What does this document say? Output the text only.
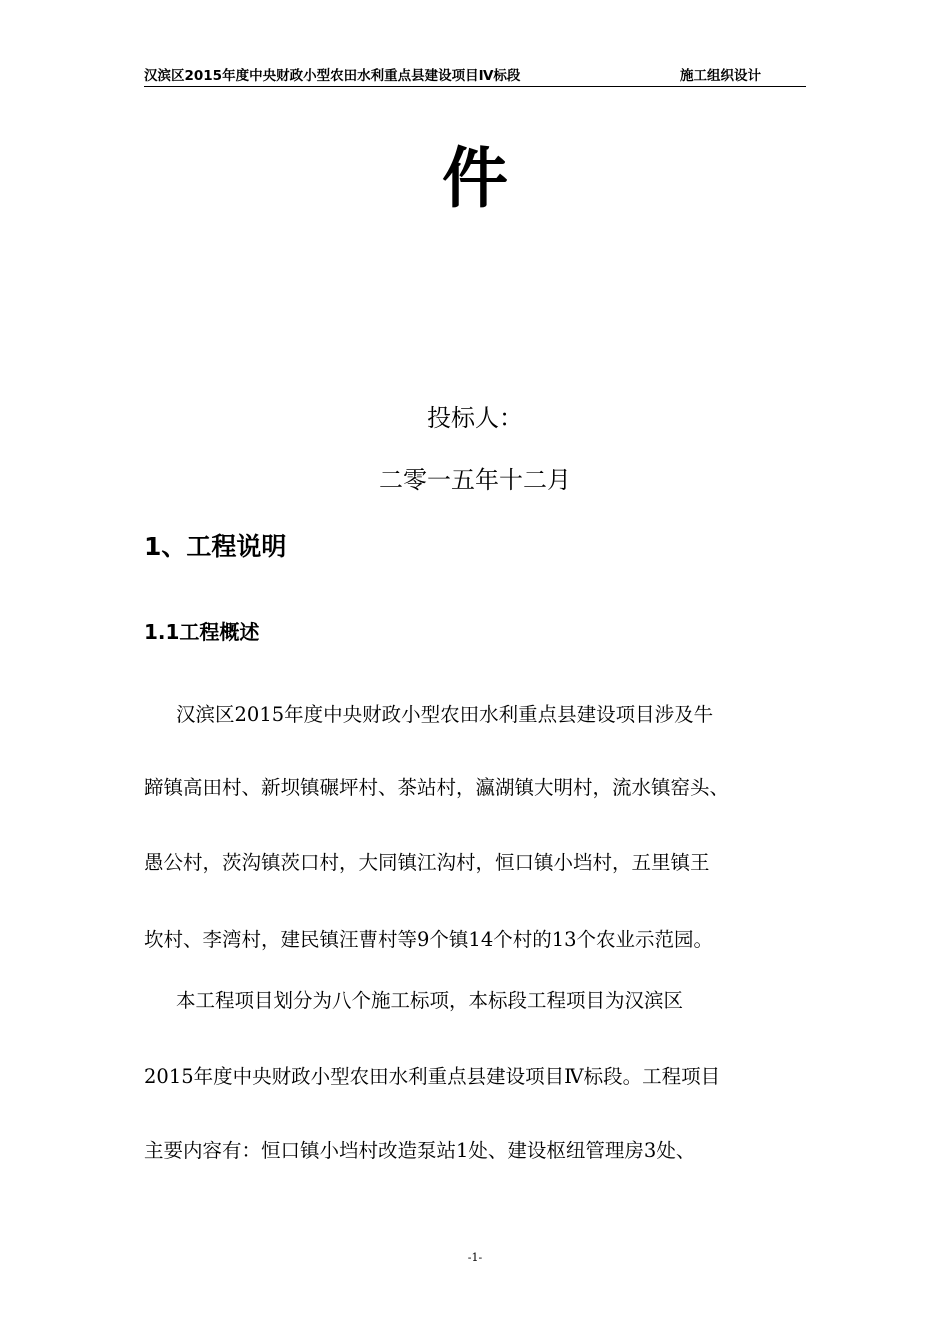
汉滨区2015年度中央财政小型农田水利重点县建设项目Ⅳ标段	施工组织设计
件
投标人：
二零一五年十二月
1、工程说明
1.1工程概述
汉滨区2015年度中央财政小型农田水利重点县建设项目涉及牛
蹄镇高田村、新坝镇碾坪村、茶站村，瀛湖镇大明村，流水镇窑头、
愚公村，茨沟镇茨口村，大同镇江沟村，恒口镇小垱村，五里镇王
坎村、李湾村，建民镇汪曹村等9个镇14个村的13个农业示范园。
本工程项目划分为八个施工标项，本标段工程项目为汉滨区
2015年度中央财政小型农田水利重点县建设项目Ⅳ标段。工程项目
主要内容有：恒口镇小垱村改造泵站1处、建设枢纽管理房3处、
-1-
